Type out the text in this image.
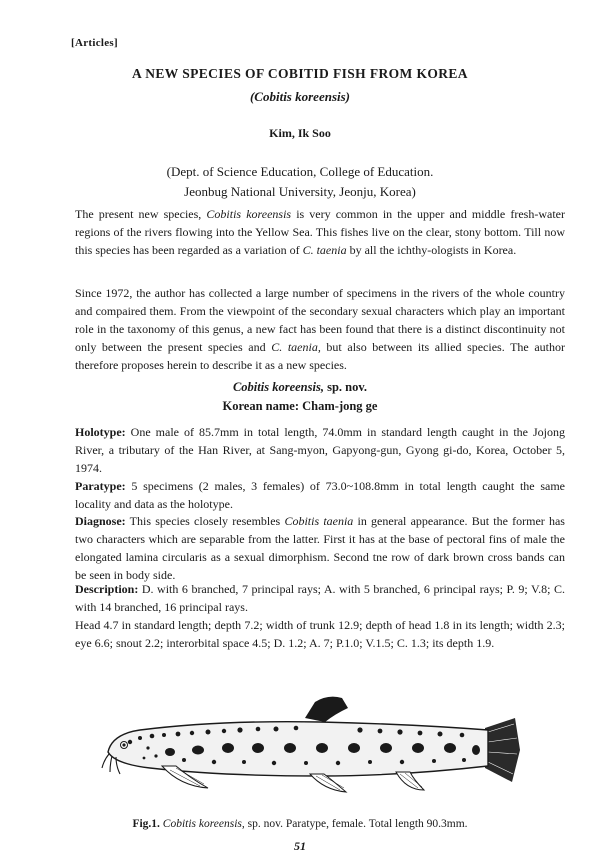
[Articles]
A NEW SPECIES OF COBITID FISH FROM KOREA
(Cobitis koreensis)
Kim, Ik Soo
(Dept. of Science Education, College of Education.
Jeonbug National University, Jeonju, Korea)

The present new species, Cobitis koreensis is very common in the upper and middle fresh-water regions of the rivers flowing into the Yellow Sea. This fishes live on the clear, stony bottom. Till now this species has been regarded as a variation of C. taenia by all the ichthy-ologists in Korea.

Since 1972, the author has collected a large number of specimens in the rivers of the whole country and compaired them. From the viewpoint of the secondary sexual characters which play an important role in the taxonomy of this genus, a new fact has been found that there is a distinct discontinuity not only between the present species and C. taenia, but also between its allied species. The author therefore proposes herein to describe it as a new species.

Cobitis koreensis, sp. nov.
Korean name: Cham-jong ge

Holotype: One male of 85.7mm in total length, 74.0mm in standard length caught in the Jojong River, a tributary of the Han River, at Sang-myon, Gapyong-gun, Gyong gi-do, Korea, October 5, 1974.

Paratype: 5 specimens (2 males, 3 females) of 73.0~108.8mm in total length caught the same locality and data as the holotype.

Diagnose: This species closely resembles Cobitis taenia in general appearance. But the former has two characters which are separable from the latter. First it has at the base of pectoral fins of male the elongated lamina circularis as a sexual dimorphism. Second tne row of dark brown cross bands can be seen in body side.

Description: D. with 6 branched, 7 principal rays; A. with 5 branched, 6 principal rays; P. 9; V.8; C. with 14 branched, 16 principal rays.

Head 4.7 in standard length; depth 7.2; width of trunk 12.9; depth of head 1.8 in its length; width 2.3; eye 6.6; snout 2.2; interorbital space 4.5; D. 1.2; A. 7; P.1.0; V.1.5; C. 1.3; its depth 1.9.

Fig.1. Cobitis koreensis, sp. nov. Paratype, female. Total length 90.3mm.
51
